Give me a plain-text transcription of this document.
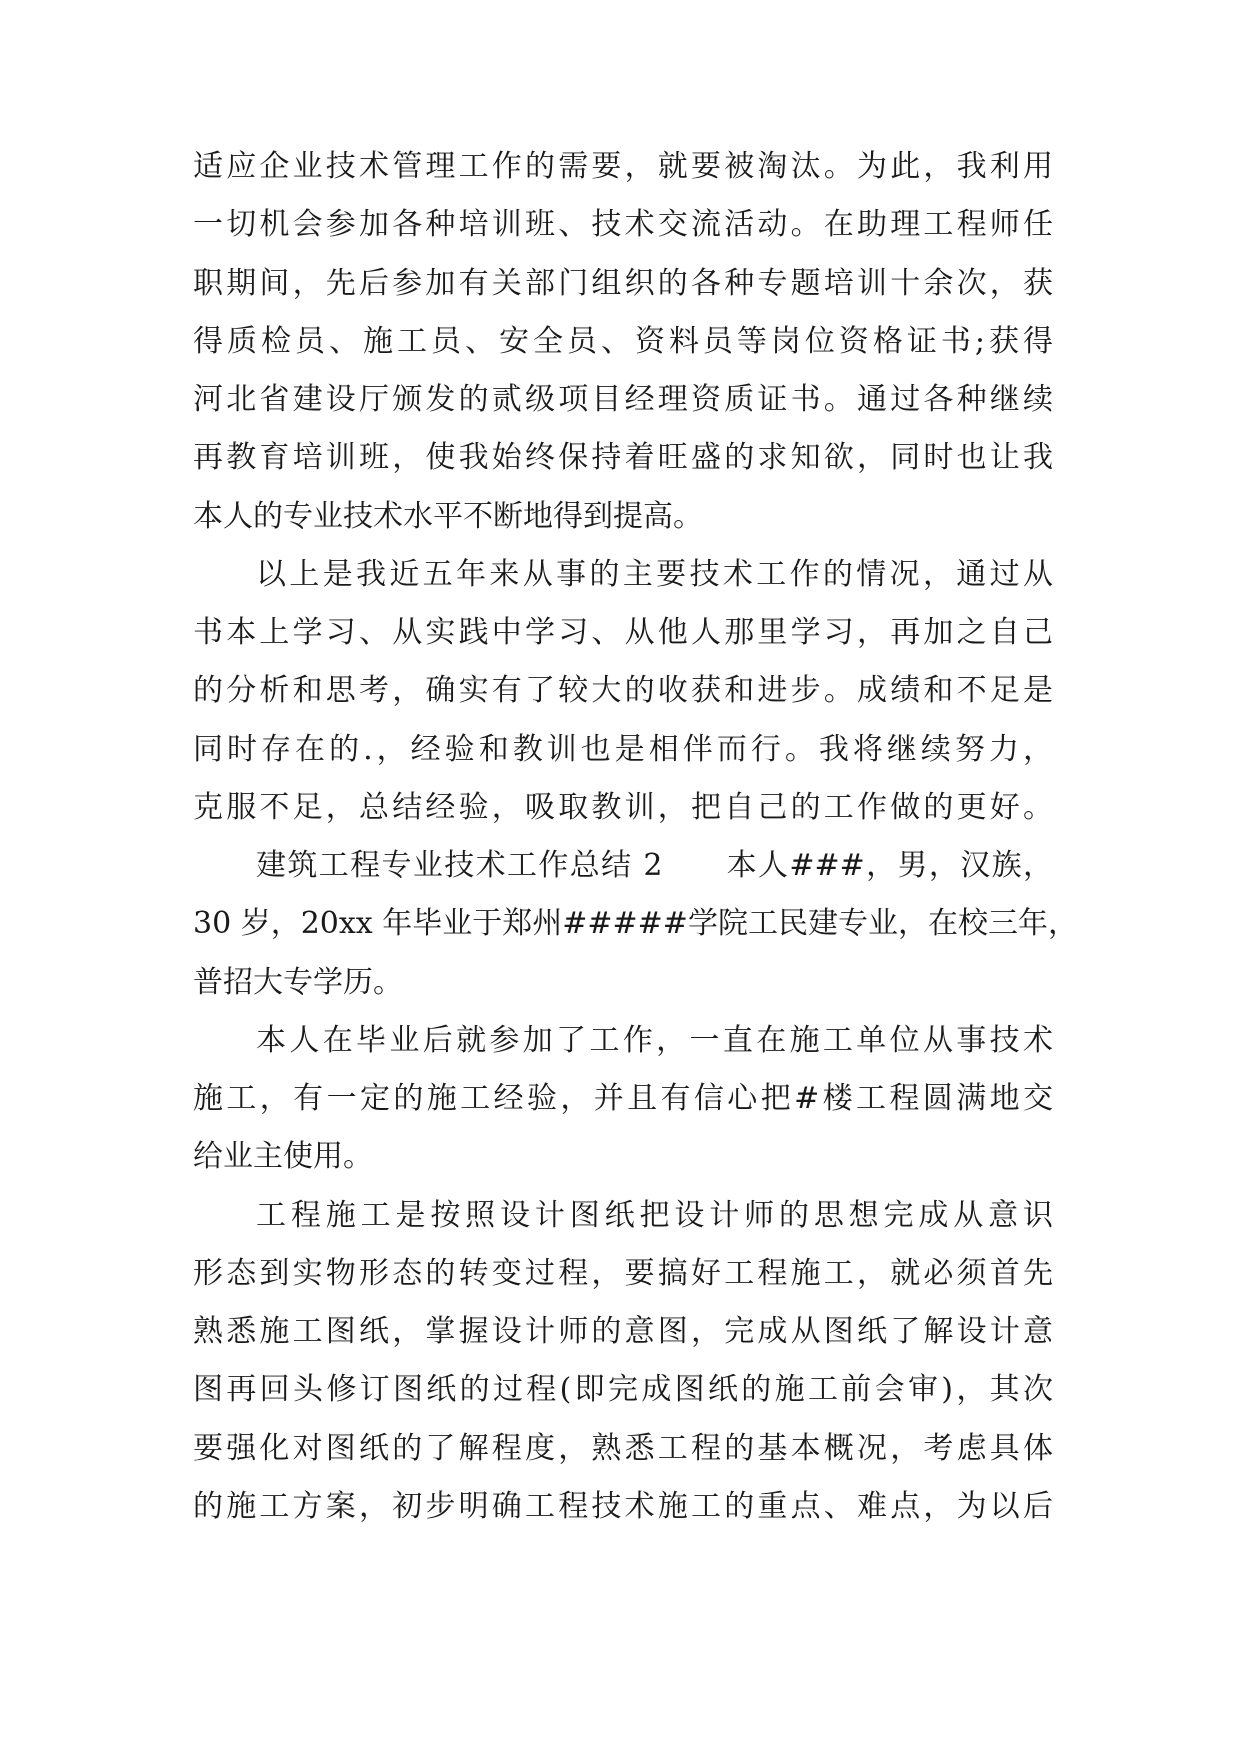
适应企业技术管理工作的需要，就要被淘汰。为此，我利用
一切机会参加各种培训班、技术交流活动。在助理工程师任
职期间，先后参加有关部门组织的各种专题培训十余次，获
得质检员、施工员、安全员、资料员等岗位资格证书;获得
河北省建设厅颁发的贰级项目经理资质证书。通过各种继续
再教育培训班，使我始终保持着旺盛的求知欲，同时也让我
本人的专业技术水平不断地得到提高。
以上是我近五年来从事的主要技术工作的情况，通过从
书本上学习、从实践中学习、从他人那里学习，再加之自己
的分析和思考，确实有了较大的收获和进步。成绩和不足是
同时存在的.，经验和教训也是相伴而行。我将继续努力，
克服不足，总结经验，吸取教训，把自己的工作做的更好。
建筑工程专业技术工作总结 2　　本人###，男，汉族，
30 岁，20xx 年毕业于郑州#####学院工民建专业，在校三年，
普招大专学历。
本人在毕业后就参加了工作，一直在施工单位从事技术
施工，有一定的施工经验，并且有信心把#楼工程圆满地交
给业主使用。
工程施工是按照设计图纸把设计师的思想完成从意识
形态到实物形态的转变过程，要搞好工程施工，就必须首先
熟悉施工图纸，掌握设计师的意图，完成从图纸了解设计意
图再回头修订图纸的过程(即完成图纸的施工前会审)，其次
要强化对图纸的了解程度，熟悉工程的基本概况，考虑具体
的施工方案，初步明确工程技术施工的重点、难点，为以后
